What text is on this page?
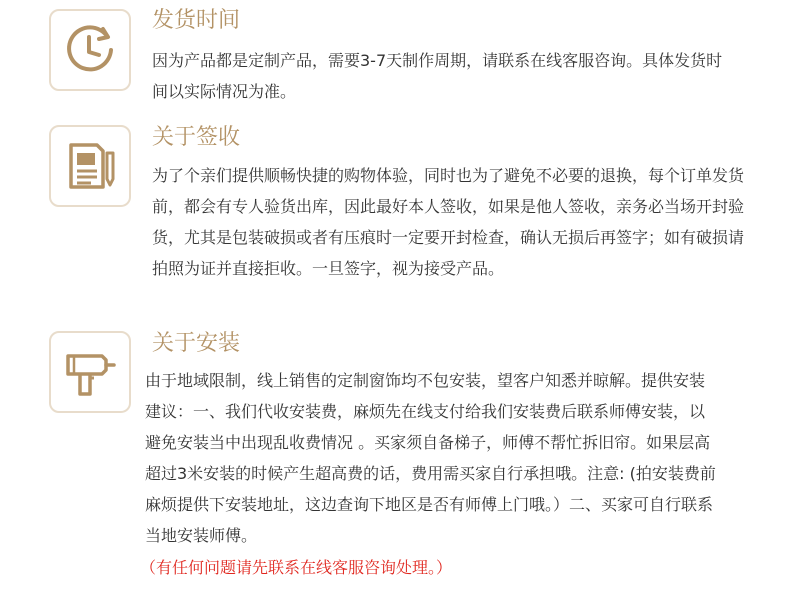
发货时间

因为产品都是定制产品，需要3-7天制作周期，请联系在线客服咨询。具体发货时间以实际情况为准。

关于签收

为了个亲们提供顺畅快捷的购物体验，同时也为了避免不必要的退换，每个订单发货前，都会有专人验货出库，因此最好本人签收，如果是他人签收，亲务必当场开封验货，尤其是包装破损或者有压痕时一定要开封检查，确认无损后再签字；如有破损请拍照为证并直接拒收。一旦签字，视为接受产品。

关于安装

由于地域限制，线上销售的定制窗饰均不包安装，望客户知悉并晾解。提供安装建议：一、我们代收安装费，麻烦先在线支付给我们安装费后联系师傅安装，以避免安装当中出现乱收费情况 。买家须自备梯子，师傅不帮忙拆旧帘。如果层高超过3米安装的时候产生超高费的话，费用需买家自行承担哦。注意: (拍安装费前麻烦提供下安装地址，这边查询下地区是否有师傅上门哦。）二、买家可自行联系当地安装师傅。

（有任何问题请先联系在线客服咨询处理。）
